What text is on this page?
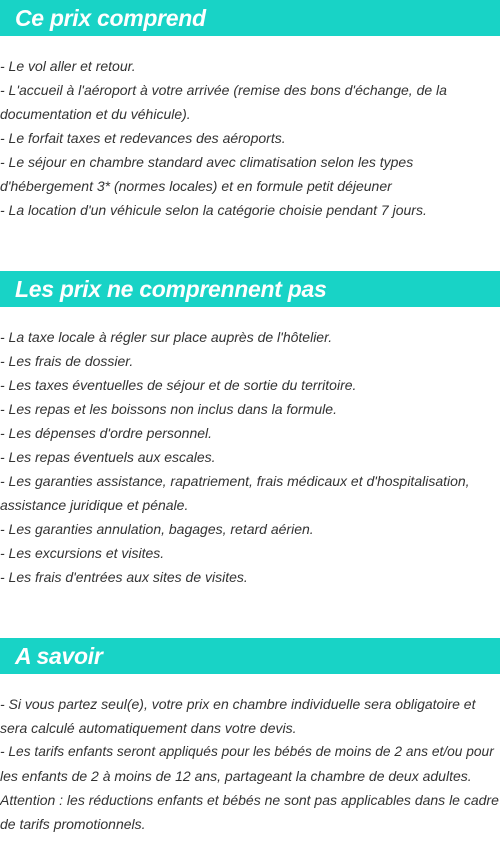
Ce prix comprend
- Le vol aller et retour.
- L'accueil à l'aéroport à votre arrivée (remise des bons d'échange, de la
documentation et du véhicule).
- Le forfait taxes et redevances des aéroports.
- Le séjour en chambre standard avec climatisation selon les types
d'hébergement 3* (normes locales) et en formule petit déjeuner
- La location d'un véhicule selon la catégorie choisie pendant 7 jours.
Les prix ne comprennent pas
- La taxe locale à régler sur place auprès de l'hôtelier.
- Les frais de dossier.
- Les taxes éventuelles de séjour et de sortie du territoire.
- Les repas et les boissons non inclus dans la formule.
- Les dépenses d'ordre personnel.
- Les repas éventuels aux escales.
- Les garanties assistance, rapatriement, frais médicaux et d'hospitalisation,
assistance juridique et pénale.
- Les garanties annulation, bagages, retard aérien.
- Les excursions et visites.
- Les frais d'entrées aux sites de visites.
A savoir
- Si vous partez seul(e), votre prix en chambre individuelle sera obligatoire et
sera calculé automatiquement dans votre devis.
- Les tarifs enfants seront appliqués pour les bébés de moins de 2 ans et/ou pour
les enfants de 2 à moins de 12 ans, partageant la chambre de deux adultes.
Attention : les réductions enfants et bébés ne sont pas applicables dans le cadre
de tarifs promotionnels.
